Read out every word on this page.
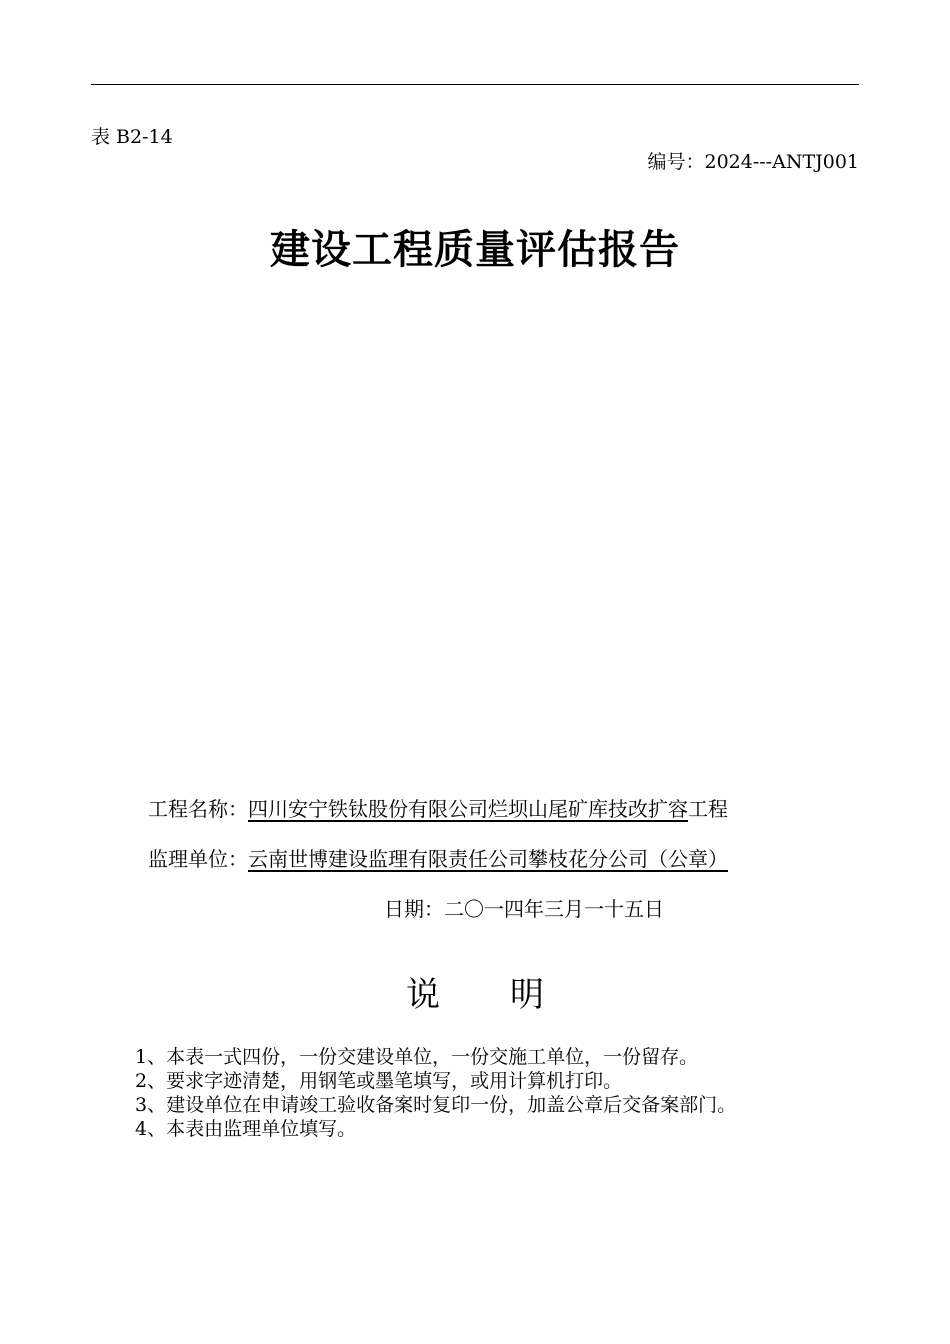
表 B2-14
编号：2024---ANTJ001
建设工程质量评估报告
工程名称：四川安宁铁钛股份有限公司烂坝山尾矿库技改扩容工程
监理单位：云南世博建设监理有限责任公司攀枝花分公司（公章）
日期：二〇一四年三月一十五日
说 明
1、本表一式四份，一份交建设单位，一份交施工单位，一份留存。
2、要求字迹清楚，用钢笔或墨笔填写，或用计算机打印。
3、建设单位在申请竣工验收备案时复印一份，加盖公章后交备案部门。
4、本表由监理单位填写。
